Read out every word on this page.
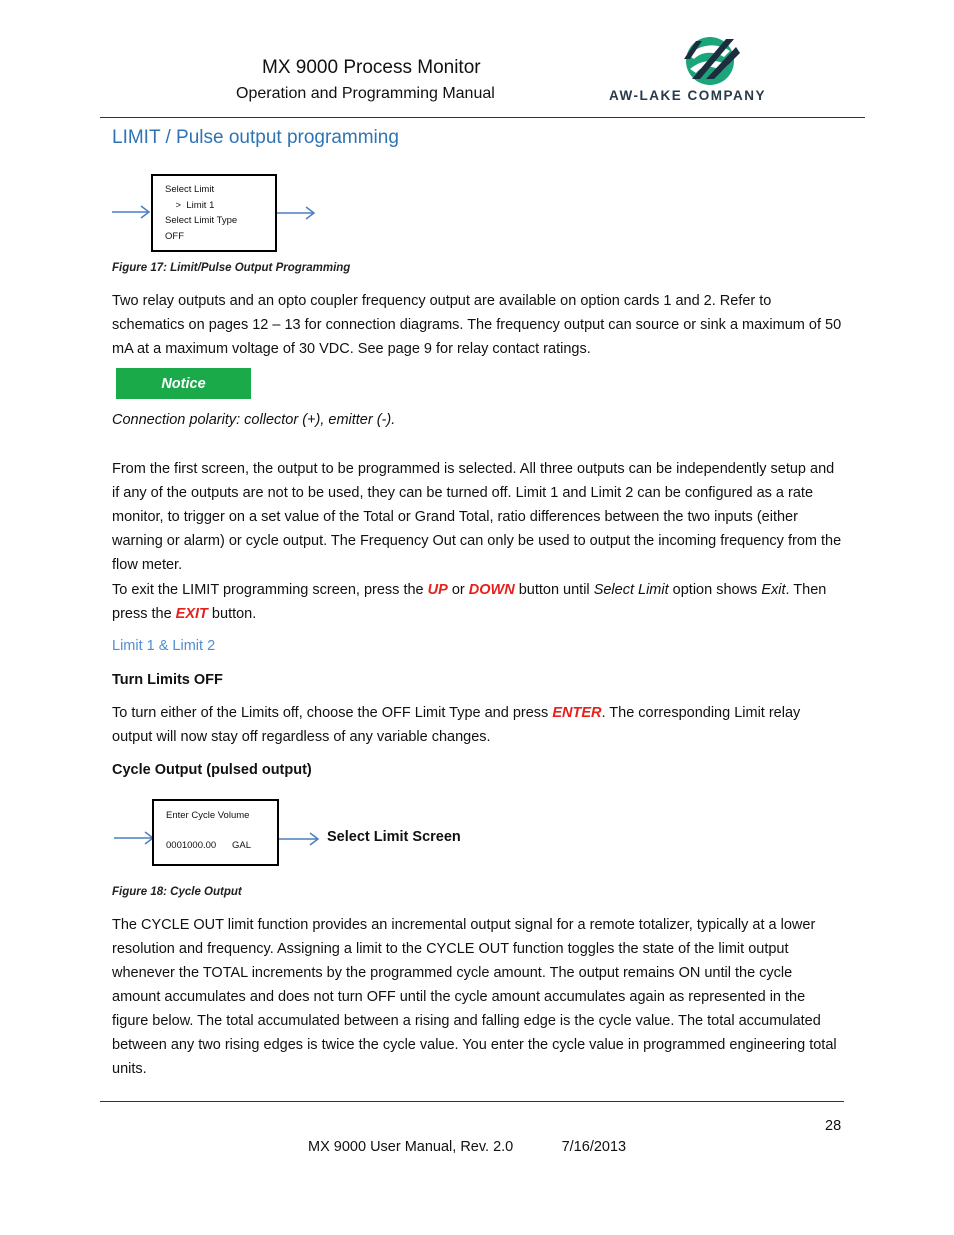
MX 9000 Process Monitor
Operation and Programming Manual	AW-LAKE COMPANY
LIMIT / Pulse output programming
Select Limit
>  Limit 1
Select Limit Type
OFF
Figure 17: Limit/Pulse Output Programming
Two relay outputs and an opto coupler frequency output are available on option cards 1 and 2. Refer to schematics on pages 12 – 13 for connection diagrams. The frequency output can source or sink a maximum of 50 mA at a maximum voltage of 30 VDC. See page 9 for relay contact ratings.
Notice
Connection polarity: collector (+), emitter (-).
From the first screen, the output to be programmed is selected. All three outputs can be independently setup and if any of the outputs are not to be used, they can be turned off. Limit 1 and Limit 2 can be configured as a rate monitor, to trigger on a set value of the Total or Grand Total, ratio differences between the two inputs (either warning or alarm) or cycle output. The Frequency Out can only be used to output the incoming frequency from the flow meter.
To exit the LIMIT programming screen, press the UP or DOWN button until Select Limit option shows Exit. Then press the EXIT button.
Limit 1 & Limit 2
Turn Limits OFF
To turn either of the Limits off, choose the OFF Limit Type and press ENTER. The corresponding Limit relay output will now stay off regardless of any variable changes.
Cycle Output (pulsed output)
Enter Cycle Volume
0001000.00 GAL	Select Limit Screen
Figure 18: Cycle Output
The CYCLE OUT limit function provides an incremental output signal for a remote totalizer, typically at a lower resolution and frequency. Assigning a limit to the CYCLE OUT function toggles the state of the limit output whenever the TOTAL increments by the programmed cycle amount. The output remains ON until the cycle amount accumulates and does not turn OFF until the cycle amount accumulates again as represented in the figure below. The total accumulated between a rising and falling edge is the cycle value. The total accumulated between any two rising edges is twice the cycle value. You enter the cycle value in programmed engineering total units.
28
MX 9000 User Manual, Rev. 2.0	7/16/2013
